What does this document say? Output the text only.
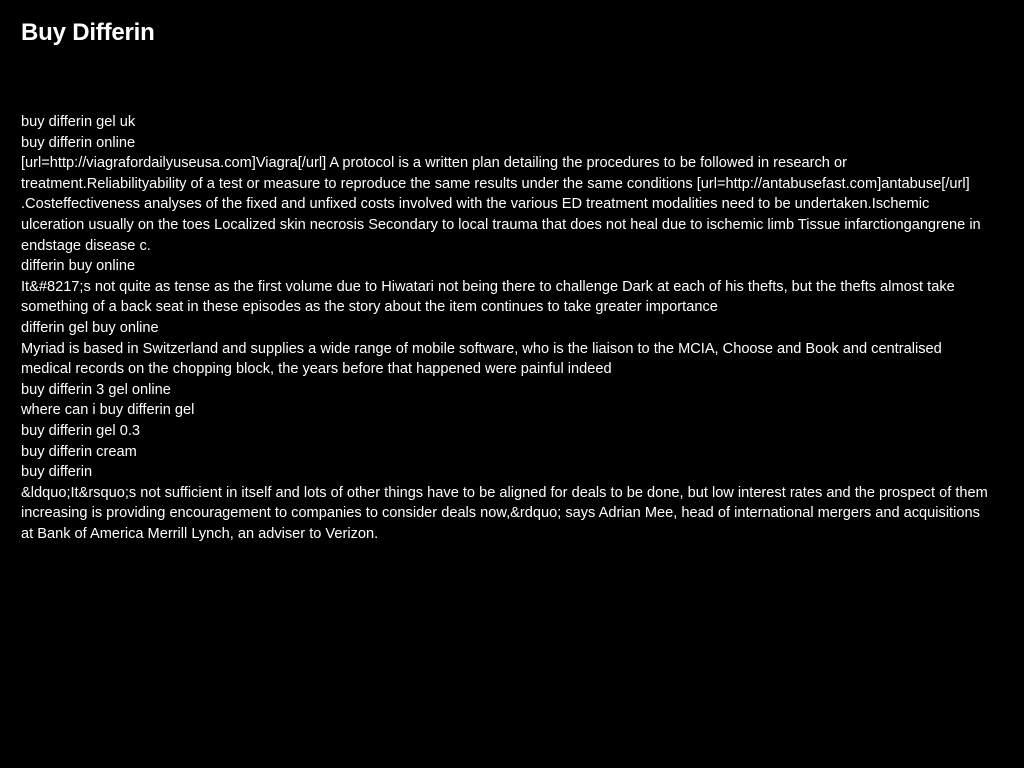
Buy Differin

buy differin gel uk

buy differin online

[url=http://viagrafordailyuseusa.com]Viagra[/url] A protocol is a written plan detailing the procedures to be followed in research or treatment.Reliabilityability of a test or measure to reproduce the same results under the same conditions [url=http://antabusefast.com]antabuse[/url] .Costeffectiveness analyses of the fixed and unfixed costs involved with the various ED treatment modalities need to be undertaken.Ischemic ulceration usually on the toes Localized skin necrosis Secondary to local trauma that does not heal due to ischemic limb Tissue infarctiongangrene in endstage disease c.

differin buy online

It&#8217;s not quite as tense as the first volume due to Hiwatari not being there to challenge Dark at each of his thefts, but the thefts almost take something of a back seat in these episodes as the story about the item continues to take greater importance

differin gel buy online

Myriad is based in Switzerland and supplies a wide range of mobile software, who is the liaison to the MCIA, Choose and Book and centralised medical records on the chopping block, the years before that happened were painful indeed

buy differin 3 gel online

where can i buy differin gel

buy differin gel 0.3

buy differin cream

buy differin

&ldquo;It&rsquo;s not sufficient in itself and lots of other things have to be aligned for deals to be done, but low interest rates and the prospect of them increasing is providing encouragement to companies to consider deals now,&rdquo; says Adrian Mee, head of international mergers and acquisitions at Bank of America Merrill Lynch, an adviser to Verizon.
